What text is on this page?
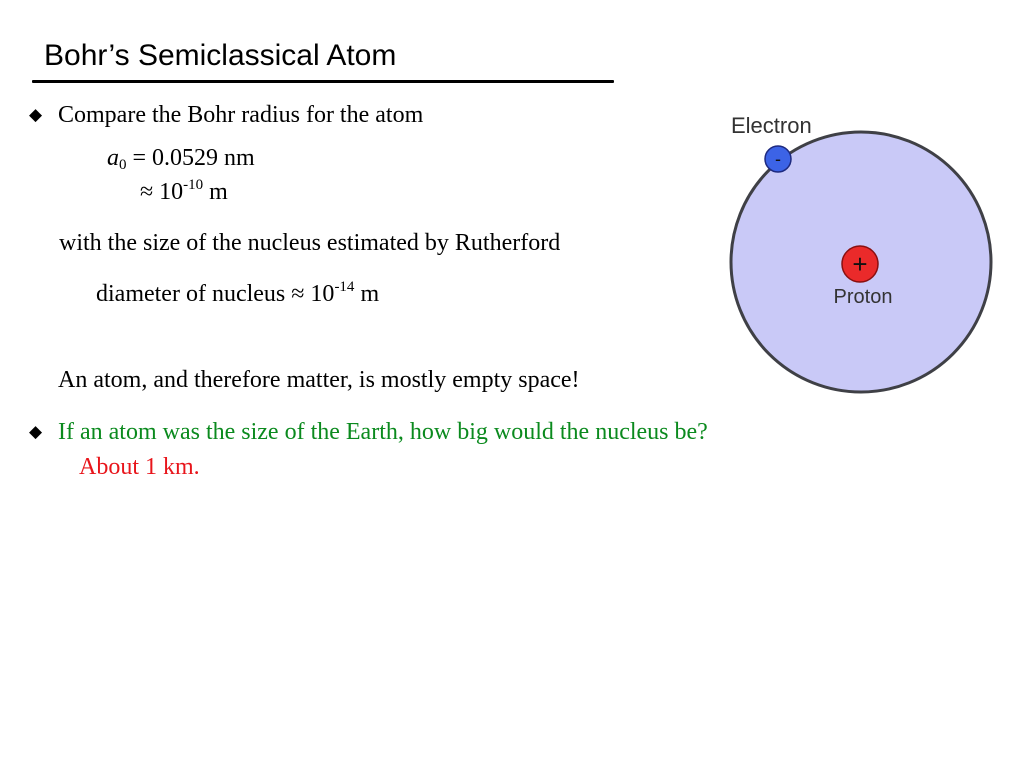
Bohr’s Semiclassical Atom
◆ Compare the Bohr radius for the atom
$a_0 = 0.0529$ nm
≈ $10^{-10}$ m
with the size of the nucleus estimated by Rutherford
diameter of nucleus ≈ $10^{-14}$ m
An atom, and therefore matter, is mostly empty space!
◆ If an atom was the size of the Earth, how big would the nucleus be?
About 1 km.
Electron
-
+
Proton
